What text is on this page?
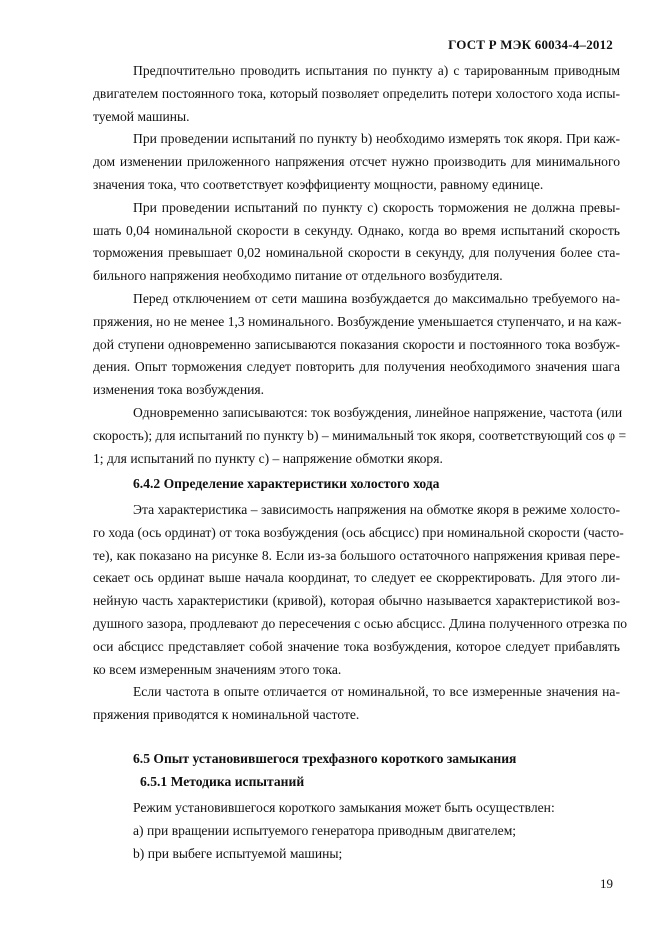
ГОСТ Р МЭК 60034-4–2012
Предпочтительно проводить испытания по пункту a) с тарированным приводным
двигателем постоянного тока, который позволяет определить потери холостого хода испы-
туемой машины.
При проведении испытаний по пункту b) необходимо измерять ток якоря. При каж-
дом изменении приложенного напряжения отсчет нужно производить для минимального
значения тока, что соответствует коэффициенту мощности, равному единице.
При проведении испытаний по пункту c) скорость торможения не должна превы-
шать 0,04 номинальной скорости в секунду. Однако, когда во время испытаний скорость
торможения превышает 0,02 номинальной скорости в секунду, для получения более ста-
бильного напряжения необходимо питание от отдельного возбудителя.
Перед отключением от сети машина возбуждается до максимально требуемого на-
пряжения, но не менее 1,3 номинального. Возбуждение уменьшается ступенчато, и на каж-
дой ступени одновременно записываются показания скорости и постоянного тока возбуж-
дения. Опыт торможения следует повторить для получения необходимого значения шага
изменения тока возбуждения.
Одновременно записываются: ток возбуждения, линейное напряжение, частота (или
скорость); для испытаний по пункту b) – минимальный ток якоря, соответствующий cos φ =
1; для испытаний по пункту c) – напряжение обмотки якоря.
6.4.2 Определение характеристики холостого хода
Эта характеристика – зависимость напряжения на обмотке якоря в режиме холосто-
го хода (ось ординат) от тока возбуждения (ось абсцисс) при номинальной скорости (часто-
те), как показано на рисунке 8. Если из-за большого остаточного напряжения кривая пере-
секает ось ординат выше начала координат, то следует ее скорректировать. Для этого ли-
нейную часть характеристики (кривой), которая обычно называется характеристикой воз-
душного зазора, продлевают до пересечения с осью абсцисс. Длина полученного отрезка по
оси абсцисс представляет собой значение тока возбуждения, которое следует прибавлять
ко всем измеренным значениям этого тока.
Если частота в опыте отличается от номинальной, то все измеренные значения на-
пряжения приводятся к номинальной частоте.
6.5 Опыт установившегося трехфазного короткого замыкания
6.5.1 Методика испытаний
Режим установившегося короткого замыкания может быть осуществлен:
a) при вращении испытуемого генератора приводным двигателем;
b) при выбеге испытуемой машины;
19
